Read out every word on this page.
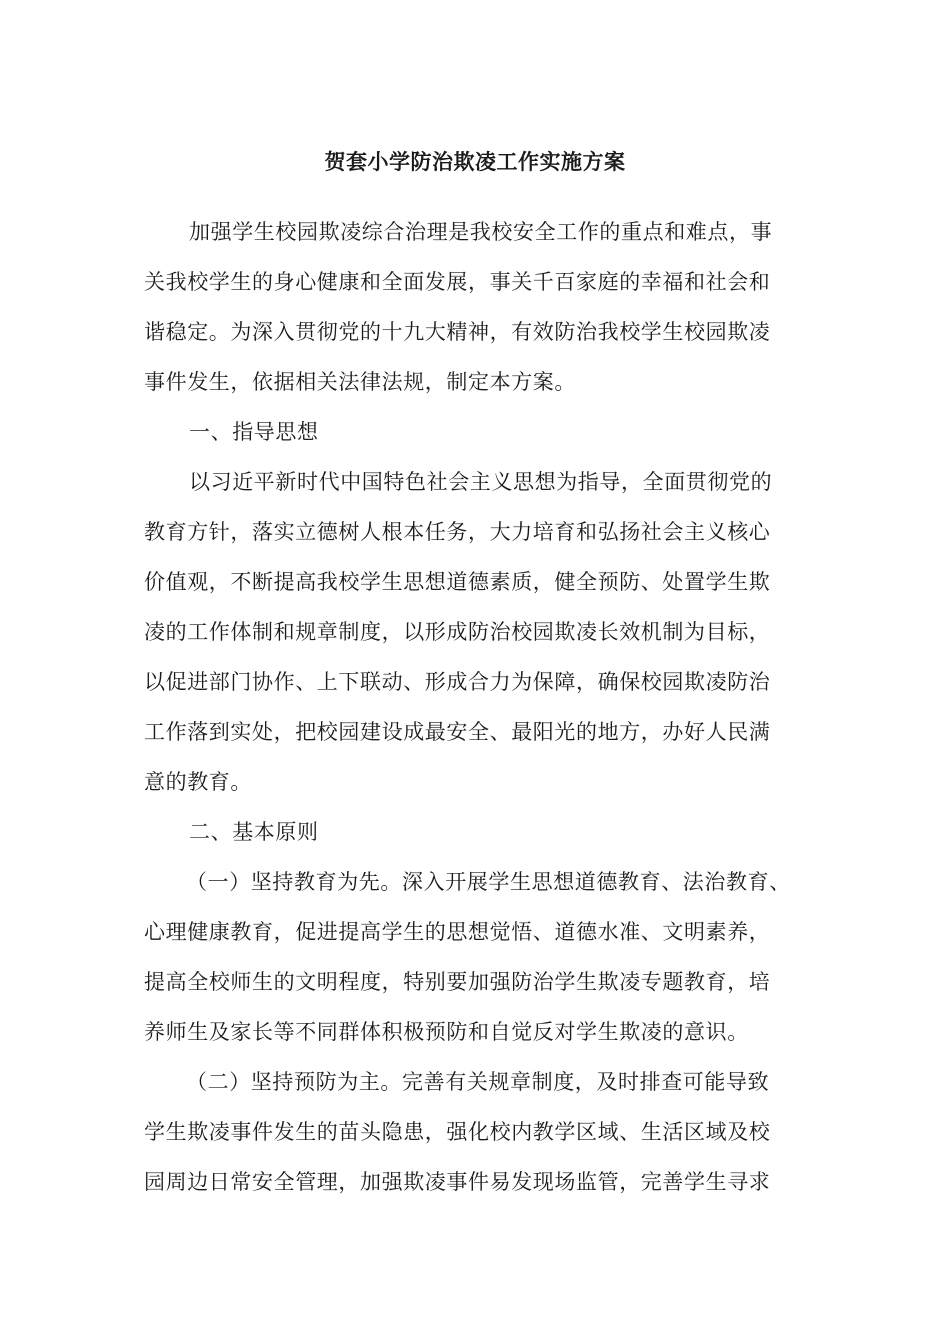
贺套小学防治欺凌工作实施方案
加强学生校园欺凌综合治理是我校安全工作的重点和难点，事
关我校学生的身心健康和全面发展，事关千百家庭的幸福和社会和
谐稳定。为深入贯彻党的十九大精神，有效防治我校学生校园欺凌
事件发生，依据相关法律法规，制定本方案。
一、指导思想
以习近平新时代中国特色社会主义思想为指导，全面贯彻党的
教育方针，落实立德树人根本任务，大力培育和弘扬社会主义核心
价值观，不断提高我校学生思想道德素质，健全预防、处置学生欺
凌的工作体制和规章制度，以形成防治校园欺凌长效机制为目标，
以促进部门协作、上下联动、形成合力为保障，确保校园欺凌防治
工作落到实处，把校园建设成最安全、最阳光的地方，办好人民满
意的教育。
二、基本原则
（一）坚持教育为先。深入开展学生思想道德教育、法治教育、
心理健康教育，促进提高学生的思想觉悟、道德水准、文明素养，
提高全校师生的文明程度，特别要加强防治学生欺凌专题教育，培
养师生及家长等不同群体积极预防和自觉反对学生欺凌的意识。
（二）坚持预防为主。完善有关规章制度，及时排查可能导致
学生欺凌事件发生的苗头隐患，强化校内教学区域、生活区域及校
园周边日常安全管理，加强欺凌事件易发现场监管，完善学生寻求
